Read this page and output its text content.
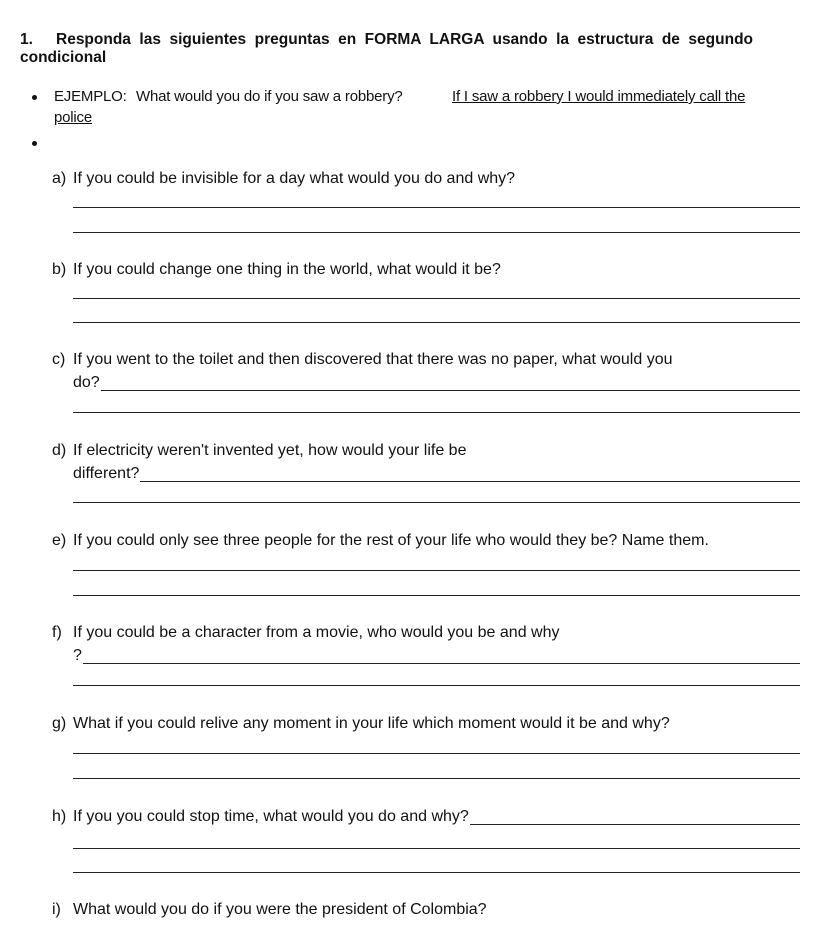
1. Responda las siguientes preguntas en FORMA LARGA usando la estructura de segundo
condicional
EJEMPLO: What would you do if you saw a robbery?	If I saw a robbery I would immediately call the
police
a) If you could be invisible for a day what would you do and why?
b) If you could change one thing in the world, what would it be?
c) If you went to the toilet and then discovered that there was no paper, what would you
do?
d) If electricity weren't invented yet, how would your life be
different?
e) If you could only see three people for the rest of your life who would they be? Name them.
f) If you could be a character from a movie, who would you be and why
?
g) What if you could relive any moment in your life which moment would it be and why?
h) If you you could stop time, what would you do and why?
i) What would you do if you were the president of Colombia?
